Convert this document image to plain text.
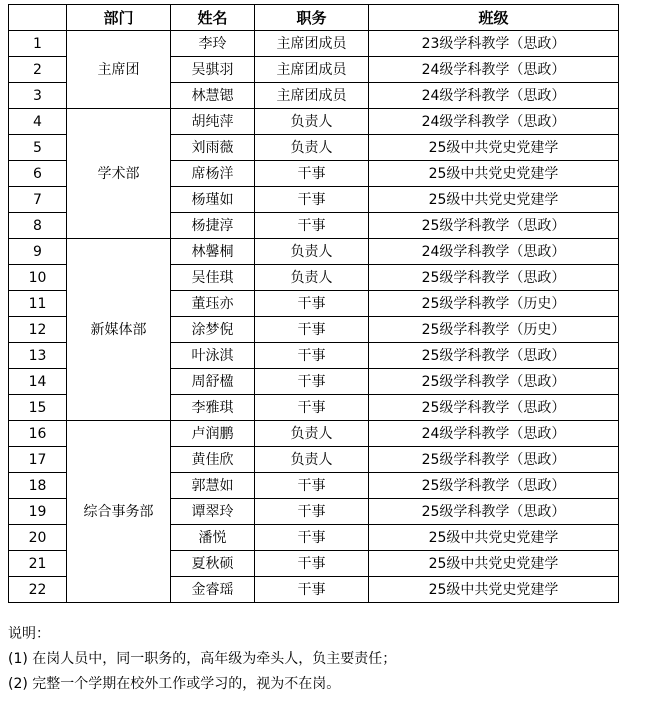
	部门	姓名	职务	班级
1	主席团	李玲	主席团成员	23级学科教学（思政）
2		吴骐羽	主席团成员	24级学科教学（思政）
3		林慧锶	主席团成员	24级学科教学（思政）
4	学术部	胡纯萍	负责人	24级学科教学（思政）
5		刘雨薇	负责人	25级中共党史党建学
6		席杨洋	干事	25级中共党史党建学
7		杨瑾如	干事	25级中共党史党建学
8		杨捷淳	干事	25级学科教学（思政）
9	新媒体部	林馨桐	负责人	24级学科教学（思政）
10		吴佳琪	负责人	25级学科教学（思政）
11		董珏亦	干事	25级学科教学（历史）
12		涂梦倪	干事	25级学科教学（历史）
13		叶泳淇	干事	25级学科教学（思政）
14		周舒楹	干事	25级学科教学（思政）
15		李雅琪	干事	25级学科教学（思政）
16	综合事务部	卢润鹏	负责人	24级学科教学（思政）
17		黄佳欣	负责人	25级学科教学（思政）
18		郭慧如	干事	25级学科教学（思政）
19		谭翠玲	干事	25级学科教学（思政）
20		潘悦	干事	25级中共党史党建学
21		夏秋硕	干事	25级中共党史党建学
22		金睿瑶	干事	25级中共党史党建学

说明：

(1) 在岗人员中，同一职务的，高年级为牵头人，负主要责任；

(2) 完整一个学期在校外工作或学习的，视为不在岗。
